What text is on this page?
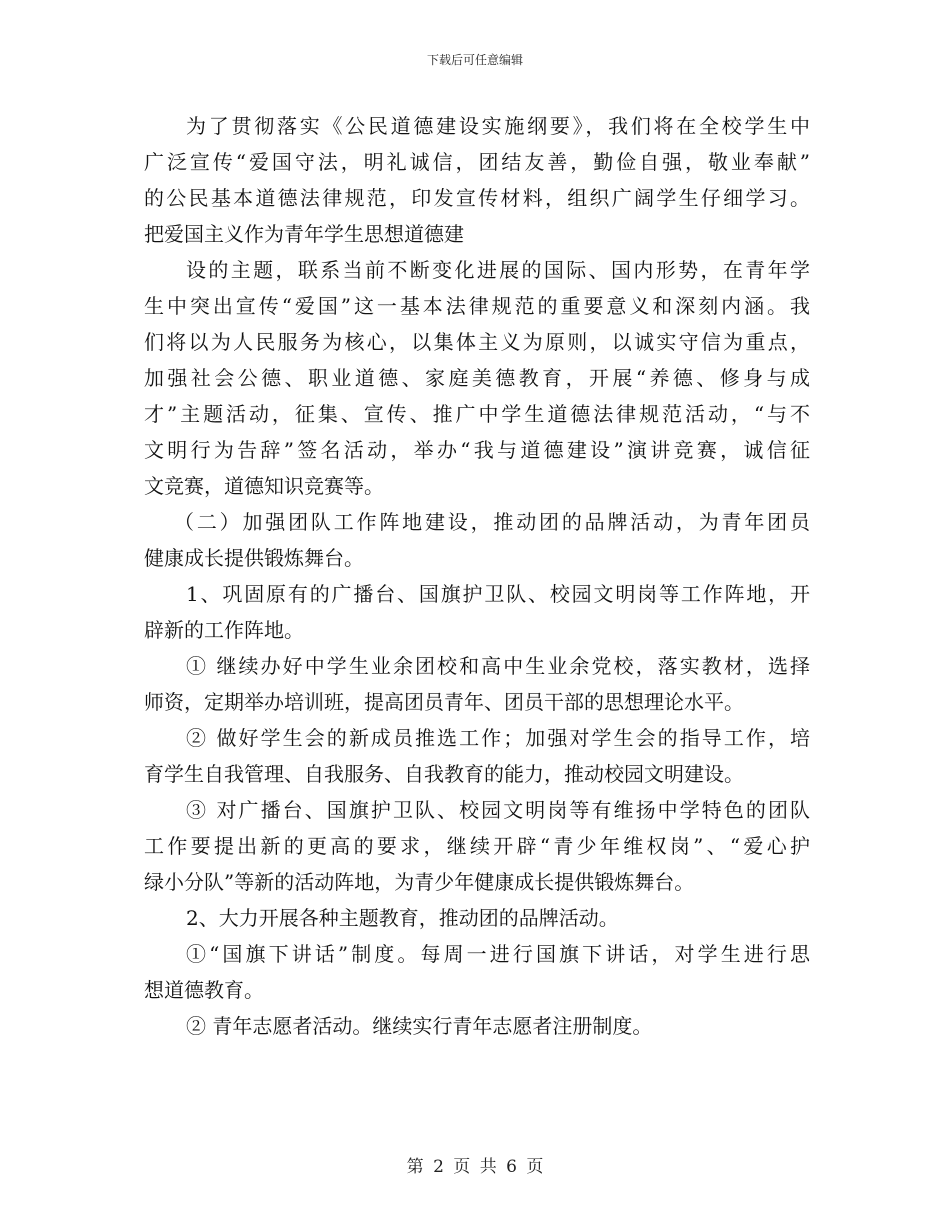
下载后可任意编辑
为了贯彻落实《公民道德建设实施纲要》，我们将在全校学生中
广泛宣传“爱国守法，明礼诚信，团结友善，勤俭自强，敬业奉献”
的公民基本道德法律规范，印发宣传材料，组织广阔学生仔细学习。
把爱国主义作为青年学生思想道德建
设的主题，联系当前不断变化进展的国际、国内形势，在青年学
生中突出宣传“爱国”这一基本法律规范的重要意义和深刻内涵。我
们将以为人民服务为核心，以集体主义为原则，以诚实守信为重点，
加强社会公德、职业道德、家庭美德教育，开展“养德、修身与成
才”主题活动，征集、宣传、推广中学生道德法律规范活动，“与不
文明行为告辞”签名活动，举办“我与道德建设”演讲竞赛，诚信征
文竞赛，道德知识竞赛等。
（二）加强团队工作阵地建设，推动团的品牌活动，为青年团员
健康成长提供锻炼舞台。
1、巩固原有的广播台、国旗护卫队、校园文明岗等工作阵地，开
辟新的工作阵地。
① 继续办好中学生业余团校和高中生业余党校，落实教材，选择
师资，定期举办培训班，提高团员青年、团员干部的思想理论水平。
② 做好学生会的新成员推选工作；加强对学生会的指导工作，培
育学生自我管理、自我服务、自我教育的能力，推动校园文明建设。
③ 对广播台、国旗护卫队、校园文明岗等有维扬中学特色的团队
工作要提出新的更高的要求，继续开辟“青少年维权岗”、“爱心护
绿小分队”等新的活动阵地，为青少年健康成长提供锻炼舞台。
2、大力开展各种主题教育，推动团的品牌活动。
①“国旗下讲话”制度。每周一进行国旗下讲话，对学生进行思
想道德教育。
② 青年志愿者活动。继续实行青年志愿者注册制度。
第 2 页 共 6 页
